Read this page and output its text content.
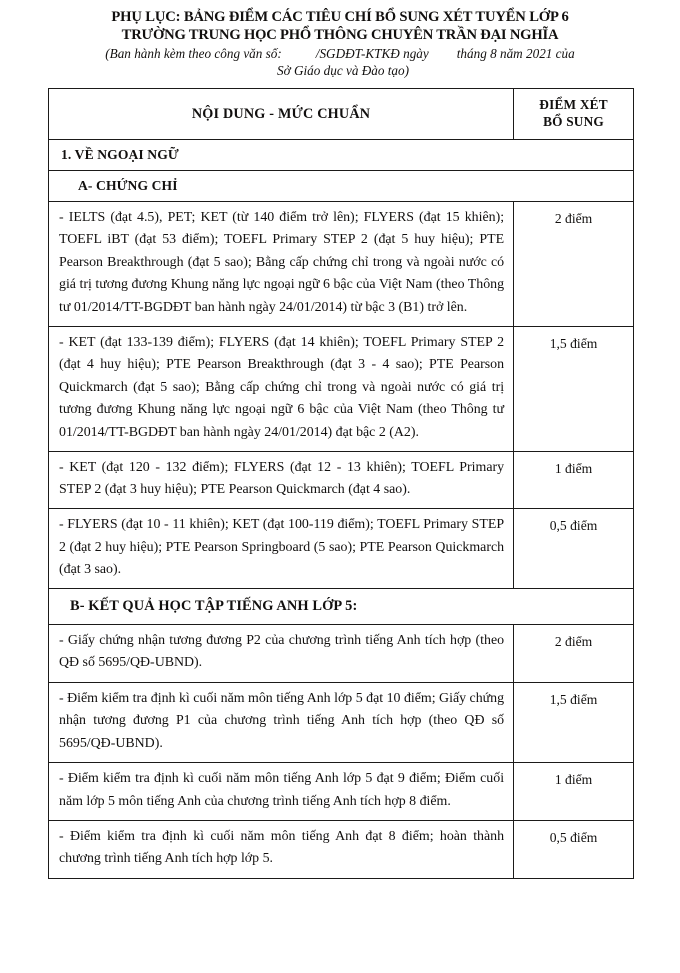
PHỤ LỤC: BẢNG ĐIỂM CÁC TIÊU CHÍ BỔ SUNG XÉT TUYỂN LỚP 6
TRƯỜNG TRUNG HỌC PHỔ THÔNG CHUYÊN TRẦN ĐẠI NGHĨA
(Ban hành kèm theo công văn số:	/SGDĐT-KTKĐ ngày	tháng 8 năm 2021 của
Sở Giáo dục và Đào tạo)
NỘI DUNG - MỨC CHUẨN	ĐIỂM XÉT
BỔ SUNG

1. VỀ NGOẠI NGỮ	
A- CHỨNG CHỈ	
- IELTS (đạt 4.5), PET; KET (từ 140 điểm trở lên); FLYERS (đạt 15 khiên); TOEFL iBT (đạt 53 điểm); TOEFL Primary STEP 2 (đạt 5 huy hiệu); PTE Pearson Breakthrough (đạt 5 sao); Bằng cấp chứng chỉ trong và ngoài nước có giá trị tương đương Khung năng lực ngoại ngữ 6 bậc của Việt Nam (theo Thông tư 01/2014/TT-BGDĐT ban hành ngày 24/01/2014) từ bậc 3 (B1) trở lên.	2 điểm
- KET (đạt 133-139 điểm); FLYERS (đạt 14 khiên); TOEFL Primary STEP 2 (đạt 4 huy hiệu); PTE Pearson Breakthrough (đạt 3 - 4 sao); PTE Pearson Quickmarch (đạt 5 sao); Bằng cấp chứng chỉ trong và ngoài nước có giá trị tương đương Khung năng lực ngoại ngữ 6 bậc của Việt Nam (theo Thông tư 01/2014/TT-BGDĐT ban hành ngày 24/01/2014) đạt bậc 2 (A2).	1,5 điểm
- KET (đạt 120 - 132 điểm); FLYERS (đạt 12 - 13 khiên); TOEFL Primary STEP 2 (đạt 3 huy hiệu); PTE Pearson Quickmarch (đạt 4 sao).	1 điểm
- FLYERS (đạt 10 - 11 khiên); KET (đạt 100-119 điểm); TOEFL Primary STEP 2 (đạt 2 huy hiệu); PTE Pearson Springboard (5 sao); PTE Pearson Quickmarch (đạt 3 sao).	0,5 điểm
B- KẾT QUẢ HỌC TẬP TIẾNG ANH LỚP 5:	
- Giấy chứng nhận tương đương P2 của chương trình tiếng Anh tích hợp (theo QĐ số 5695/QĐ-UBND).	2 điểm
- Điểm kiểm tra định kì cuối năm môn tiếng Anh lớp 5 đạt 10 điểm; Giấy chứng nhận tương đương P1 của chương trình tiếng Anh tích hợp (theo QĐ số 5695/QĐ-UBND).	1,5 điểm
- Điểm kiểm tra định kì cuối năm môn tiếng Anh lớp 5 đạt 9 điểm; Điểm cuối năm lớp 5 môn tiếng Anh của chương trình tiếng Anh tích hợp 8 điểm.	1 điểm
- Điểm kiểm tra định kì cuối năm môn tiếng Anh đạt 8 điểm; hoàn thành chương trình tiếng Anh tích hợp lớp 5.	0,5 điểm
